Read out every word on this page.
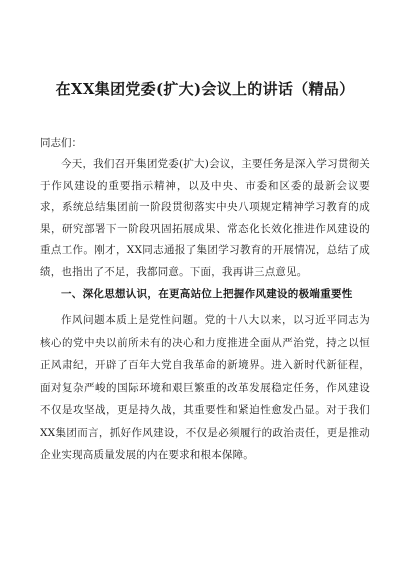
在XX集团党委(扩大)会议上的讲话（精品）

同志们：

今天，我们召开集团党委(扩大)会议，主要任务是深入学习贯彻关于作风建设的重要指示精神，以及中央、市委和区委的最新会议要求，系统总结集团前一阶段贯彻落实中央八项规定精神学习教育的成果，研究部署下一阶段巩固拓展成果、常态化长效化推进作风建设的重点工作。刚才，XX同志通报了集团学习教育的开展情况，总结了成绩，也指出了不足，我都同意。下面，我再讲三点意见。

一、深化思想认识，在更高站位上把握作风建设的极端重要性

作风问题本质上是党性问题。党的十八大以来，以习近平同志为核心的党中央以前所未有的决心和力度推进全面从严治党，持之以恒正风肃纪，开辟了百年大党自我革命的新境界。进入新时代新征程，面对复杂严峻的国际环境和艰巨繁重的改革发展稳定任务，作风建设不仅是攻坚战，更是持久战，其重要性和紧迫性愈发凸显。对于我们XX集团而言，抓好作风建设，不仅是必须履行的政治责任，更是推动企业实现高质量发展的内在要求和根本保障。
